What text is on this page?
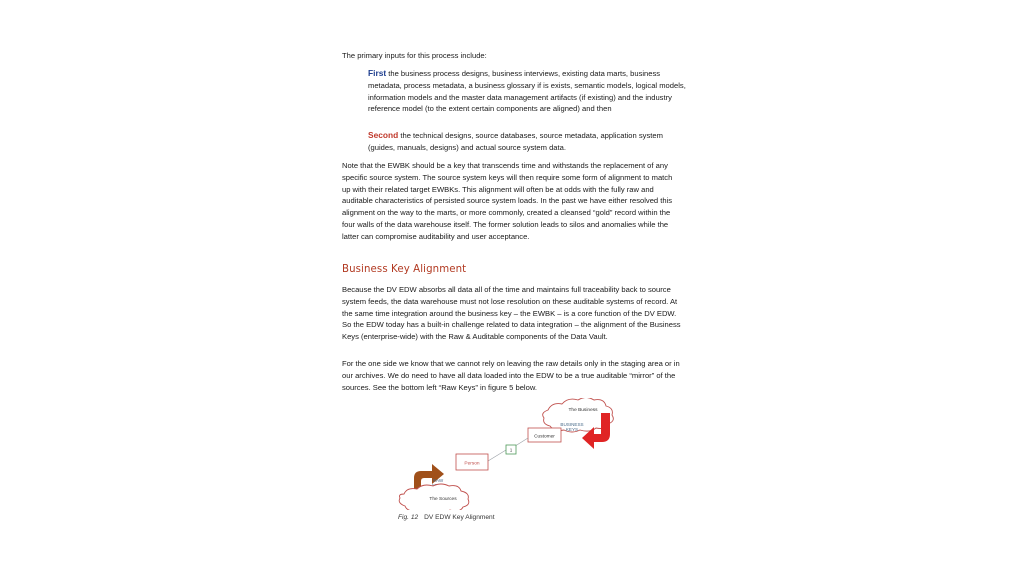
The primary inputs for this process include:

First the business process designs, business interviews, existing data marts, business metadata, process metadata, a business glossary if is exists, semantic models, logical models, information models and the master data management artifacts (if existing) and the industry reference model (to the extent certain components are aligned) and then

Second the technical designs, source databases, source metadata, application system (guides, manuals, designs) and actual source system data.

Note that the EWBK should be a key that transcends time and withstands the replacement of any specific source system. The source system keys will then require some form of alignment to match up with their related target EWBKs. This alignment will often be at odds with the fully raw and auditable characteristics of persisted source system loads. In the past we have either resolved this alignment on the way to the marts, or more commonly, created a cleansed “gold” record within the four walls of the data warehouse itself. The former solution leads to silos and anomalies while the latter can compromise auditability and user acceptance.

Business Key Alignment

Because the DV EDW absorbs all data all of the time and maintains full traceability back to source system feeds, the data warehouse must not lose resolution on these auditable systems of record. At the same time integration around the business key – the EWBK – is a core function of the DV EDW. So the EDW today has a built-in challenge related to data integration – the alignment of the Business Keys (enterprise-wide) with the Raw & Auditable components of the Data Vault.

For the one side we know that we cannot rely on leaving the raw details only in the staging area or in our archives. We do need to have all data loaded into the EDW to be a true auditable “mirror” of the sources. See the bottom left “Raw Keys” in figure 5 below.

The Business
BUSINESS
KEYS
Customer
1
Person
RAW
The Sources
Fig. 12 DV EDW Key Alignment
